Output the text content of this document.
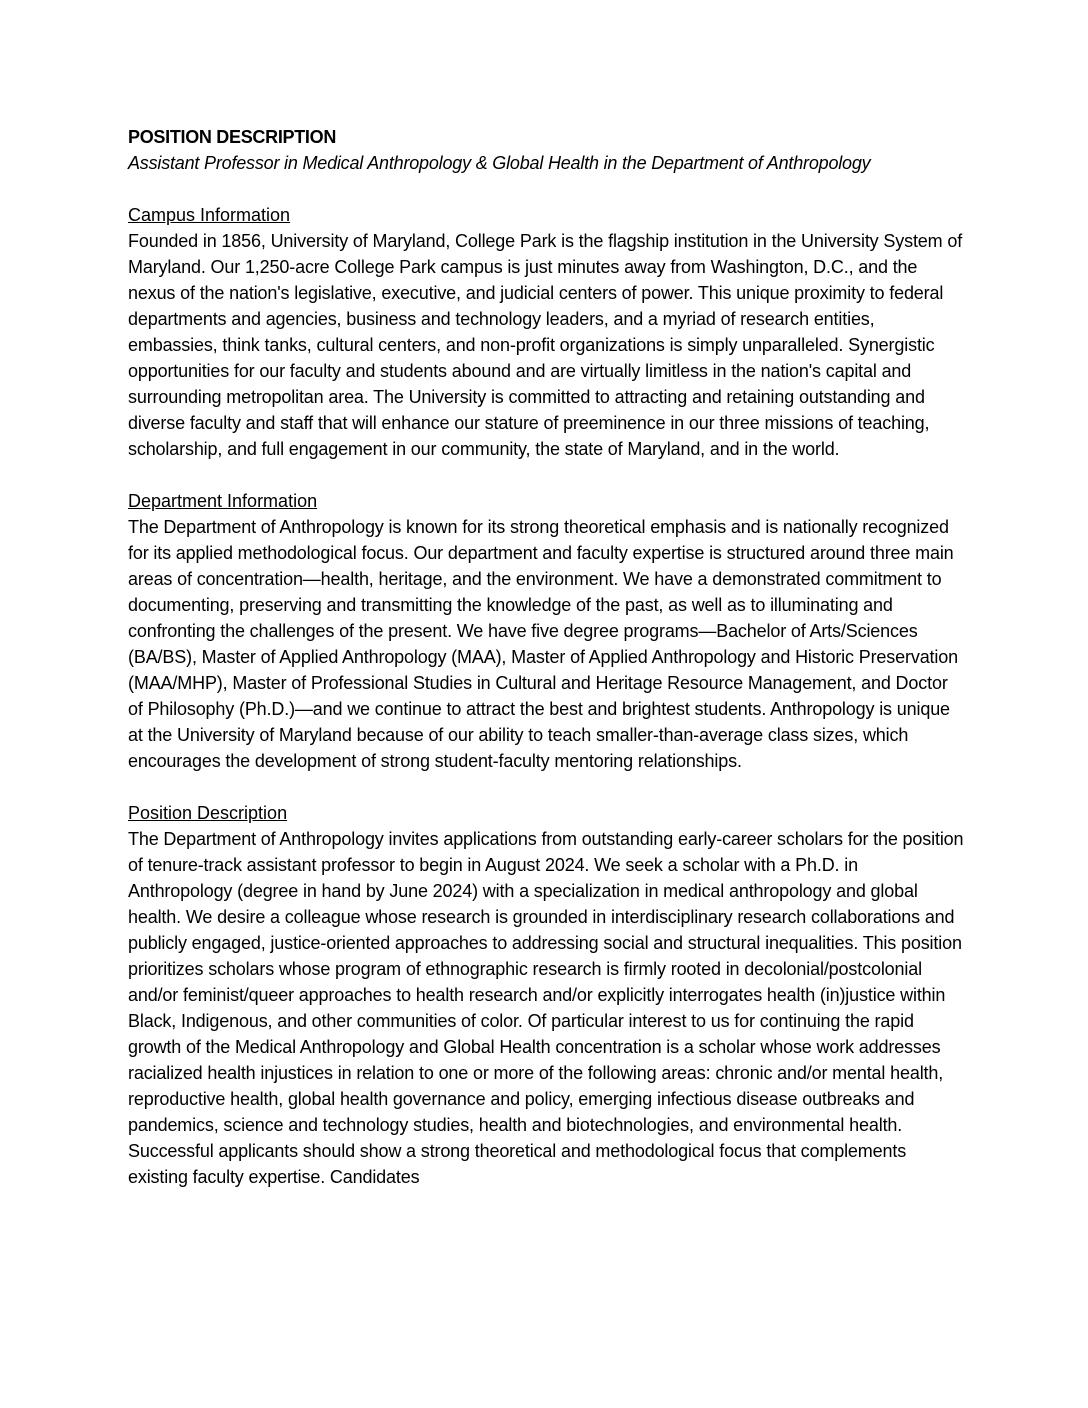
POSITION DESCRIPTION

Assistant Professor in Medical Anthropology & Global Health in the Department of Anthropology

Campus Information

Founded in 1856, University of Maryland, College Park is the flagship institution in the University System of Maryland. Our 1,250-acre College Park campus is just minutes away from Washington, D.C., and the nexus of the nation's legislative, executive, and judicial centers of power. This unique proximity to federal departments and agencies, business and technology leaders, and a myriad of research entities, embassies, think tanks, cultural centers, and non-profit organizations is simply unparalleled. Synergistic opportunities for our faculty and students abound and are virtually limitless in the nation's capital and surrounding metropolitan area. The University is committed to attracting and retaining outstanding and diverse faculty and staff that will enhance our stature of preeminence in our three missions of teaching, scholarship, and full engagement in our community, the state of Maryland, and in the world.

Department Information

The Department of Anthropology is known for its strong theoretical emphasis and is nationally recognized for its applied methodological focus. Our department and faculty expertise is structured around three main areas of concentration—health, heritage, and the environment. We have a demonstrated commitment to documenting, preserving and transmitting the knowledge of the past, as well as to illuminating and confronting the challenges of the present. We have five degree programs—Bachelor of Arts/Sciences (BA/BS), Master of Applied Anthropology (MAA), Master of Applied Anthropology and Historic Preservation (MAA/MHP), Master of Professional Studies in Cultural and Heritage Resource Management, and Doctor of Philosophy (Ph.D.)—and we continue to attract the best and brightest students. Anthropology is unique at the University of Maryland because of our ability to teach smaller-than-average class sizes, which encourages the development of strong student-faculty mentoring relationships.

Position Description

The Department of Anthropology invites applications from outstanding early-career scholars for the position of tenure-track assistant professor to begin in August 2024. We seek a scholar with a Ph.D. in Anthropology (degree in hand by June 2024) with a specialization in medical anthropology and global health. We desire a colleague whose research is grounded in interdisciplinary research collaborations and publicly engaged, justice-oriented approaches to addressing social and structural inequalities. This position prioritizes scholars whose program of ethnographic research is firmly rooted in decolonial/postcolonial and/or feminist/queer approaches to health research and/or explicitly interrogates health (in)justice within Black, Indigenous, and other communities of color. Of particular interest to us for continuing the rapid growth of the Medical Anthropology and Global Health concentration is a scholar whose work addresses racialized health injustices in relation to one or more of the following areas: chronic and/or mental health, reproductive health, global health governance and policy, emerging infectious disease outbreaks and pandemics, science and technology studies, health and biotechnologies, and environmental health. Successful applicants should show a strong theoretical and methodological focus that complements existing faculty expertise. Candidates
